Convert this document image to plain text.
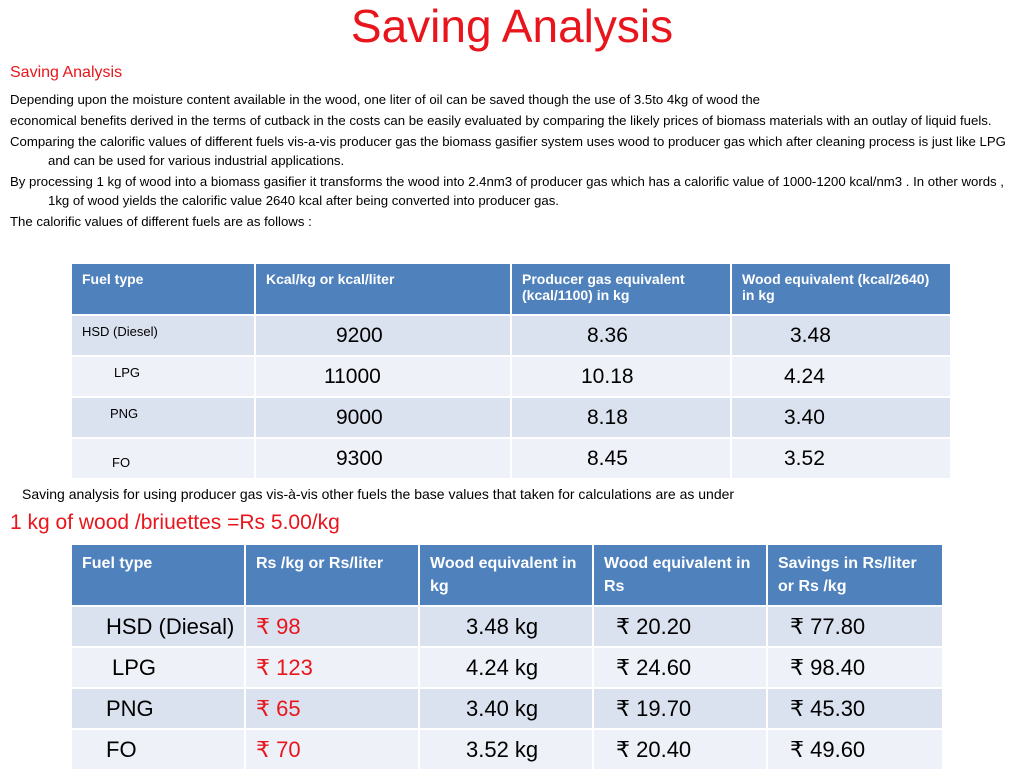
Saving Analysis
Saving Analysis

Depending upon the moisture content available in the wood, one liter of oil can be saved though the use of 3.5to 4kg of wood the

economical benefits derived in the terms of cutback in the costs can be easily evaluated by comparing the likely prices of biomass materials with an outlay of liquid fuels.

Comparing the calorific values of different fuels vis-a-vis producer gas the biomass gasifier system uses wood to producer gas which after cleaning process is just like LPG and can be used for various industrial applications.

By processing 1 kg of wood into a biomass gasifier it transforms the wood into 2.4nm3 of producer gas which has a calorific value of 1000-1200 kcal/nm3 . In other words , 1kg of wood yields the calorific value 2640 kcal after being converted into producer gas.

The calorific values of different fuels are as follows :

Fuel type	Kcal/kg or kcal/liter	Producer gas equivalent (kcal/1100) in kg	Wood equivalent (kcal/2640) in kg
HSD (Diesel)	9200	8.36	3.48
LPG	11000	10.18	4.24
PNG	9000	8.18	3.40
FO	9300	8.45	3.52
Saving analysis for using producer gas vis-à-vis other fuels the base values that taken for calculations are as under
1 kg of wood /briuettes =Rs 5.00/kg
Fuel type	Rs /kg or Rs/liter	Wood equivalent in kg	Wood equivalent in Rs	Savings in Rs/liter or Rs /kg
HSD (Diesal)	₹ 98	3.48 kg	₹ 20.20	₹ 77.80
LPG	₹ 123	4.24 kg	₹ 24.60	₹ 98.40
PNG	₹ 65	3.40 kg	₹ 19.70	₹ 45.30
FO	₹ 70	3.52 kg	₹ 20.40	₹ 49.60
